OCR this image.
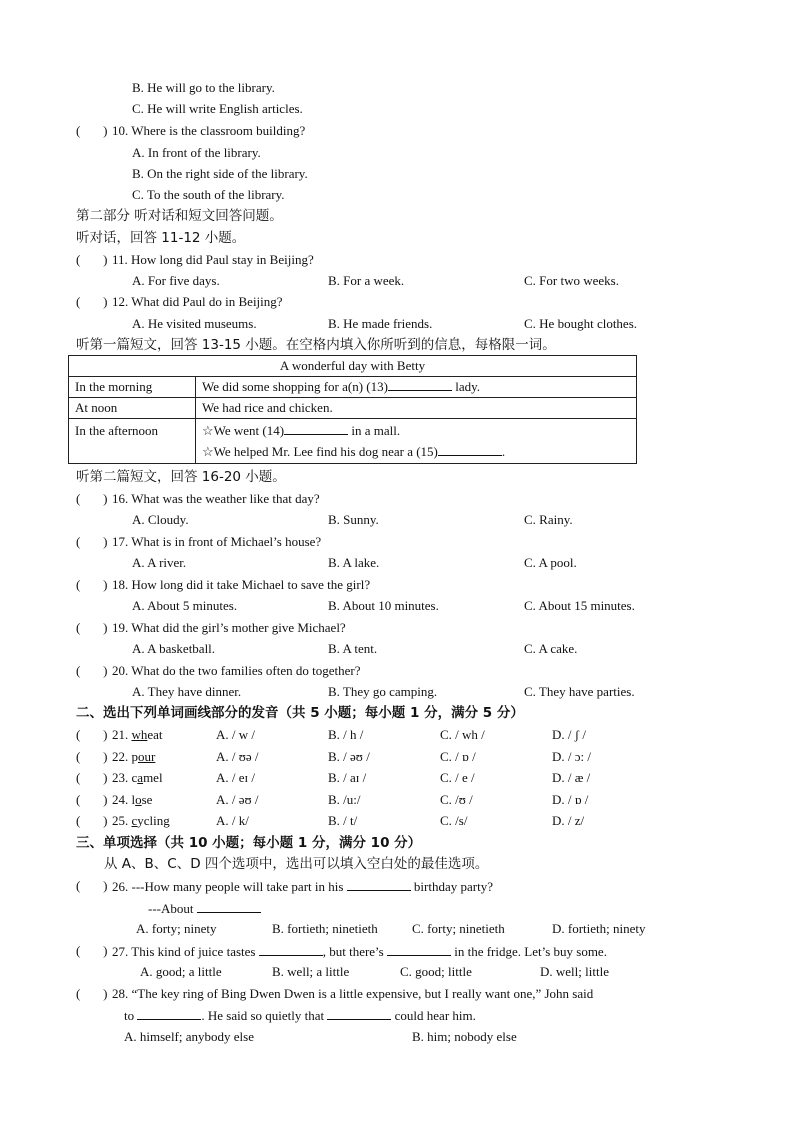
B. He will go to the library.
C. He will write English articles.
(       ) 10. Where is the classroom building?
A. In front of the library.
B. On the right side of the library.
C. To the south of the library.
第二部分 听对话和短文回答问题。
听对话，回答 11-12 小题。
(       ) 11. How long did Paul stay in Beijing?
A. For five days.	B. For a week.	C. For two weeks.
(       ) 12. What did Paul do in Beijing?
A. He visited museums.	B. He made friends.	C. He bought clothes.
听第一篇短文，回答 13-15 小题。在空格内填入你所听到的信息，每格限一词。
A wonderful day with Betty	
In the morning	We did some shopping for a(n) (13) lady.
At noon	We had rice and chicken.
In the afternoon	☆We went (14) in a mall.
☆We helped Mr. Lee find his dog near a (15) .
听第二篇短文，回答 16-20 小题。
(       ) 16. What was the weather like that day?
A. Cloudy.	B. Sunny.	C. Rainy.
(       ) 17. What is in front of Michael’s house?
A. A river.	B. A lake.	C. A pool.
(       ) 18. How long did it take Michael to save the girl?
A. About 5 minutes.	B. About 10 minutes.	C. About 15 minutes.
(       ) 19. What did the girl’s mother give Michael?
A. A basketball.	B. A tent.	C. A cake.
(       ) 20. What do the two families often do together?
A. They have dinner.	B. They go camping.	C. They have parties.
二、选出下列单词画线部分的发音（共 5 小题；每小题 1 分，满分 5 分）
(       ) 21. wheat	A. / w /	B. / h /	C. / wh /	D. / ʃ /
(       ) 22. pour	A. / ʊə /	B. / əʊ /	C. / ɒ /	D. / ɔ: /
(       ) 23. camel	A. / eɪ /	B. / aɪ /	C. / e /	D. / æ /
(       ) 24. lose	A. / əʊ /	B. /u:/	C. /ʊ /	D. / ɒ /
(       ) 25. cycling	A. / k/	B. / t/	C. /s/	D. / z/
三、单项选择（共 10 小题；每小题 1 分，满分 10 分）
从 A、B、C、D 四个选项中，选出可以填入空白处的最佳选项。
(       ) 26. ---How many people will take part in his	birthday party?
---About
A. forty; ninety	B. fortieth; ninetieth	C. forty; ninetieth	D. fortieth; ninety
(       ) 27. This kind of juice tastes	, but there’s	in the fridge. Let’s buy some.
A. good; a little	B. well; a little	C. good; little	D. well; little
(       ) 28. “The key ring of Bing Dwen Dwen is a little expensive, but I really want one,” John said
to	. He said so quietly that	could hear him.
A. himself; anybody else	B. him; nobody else
